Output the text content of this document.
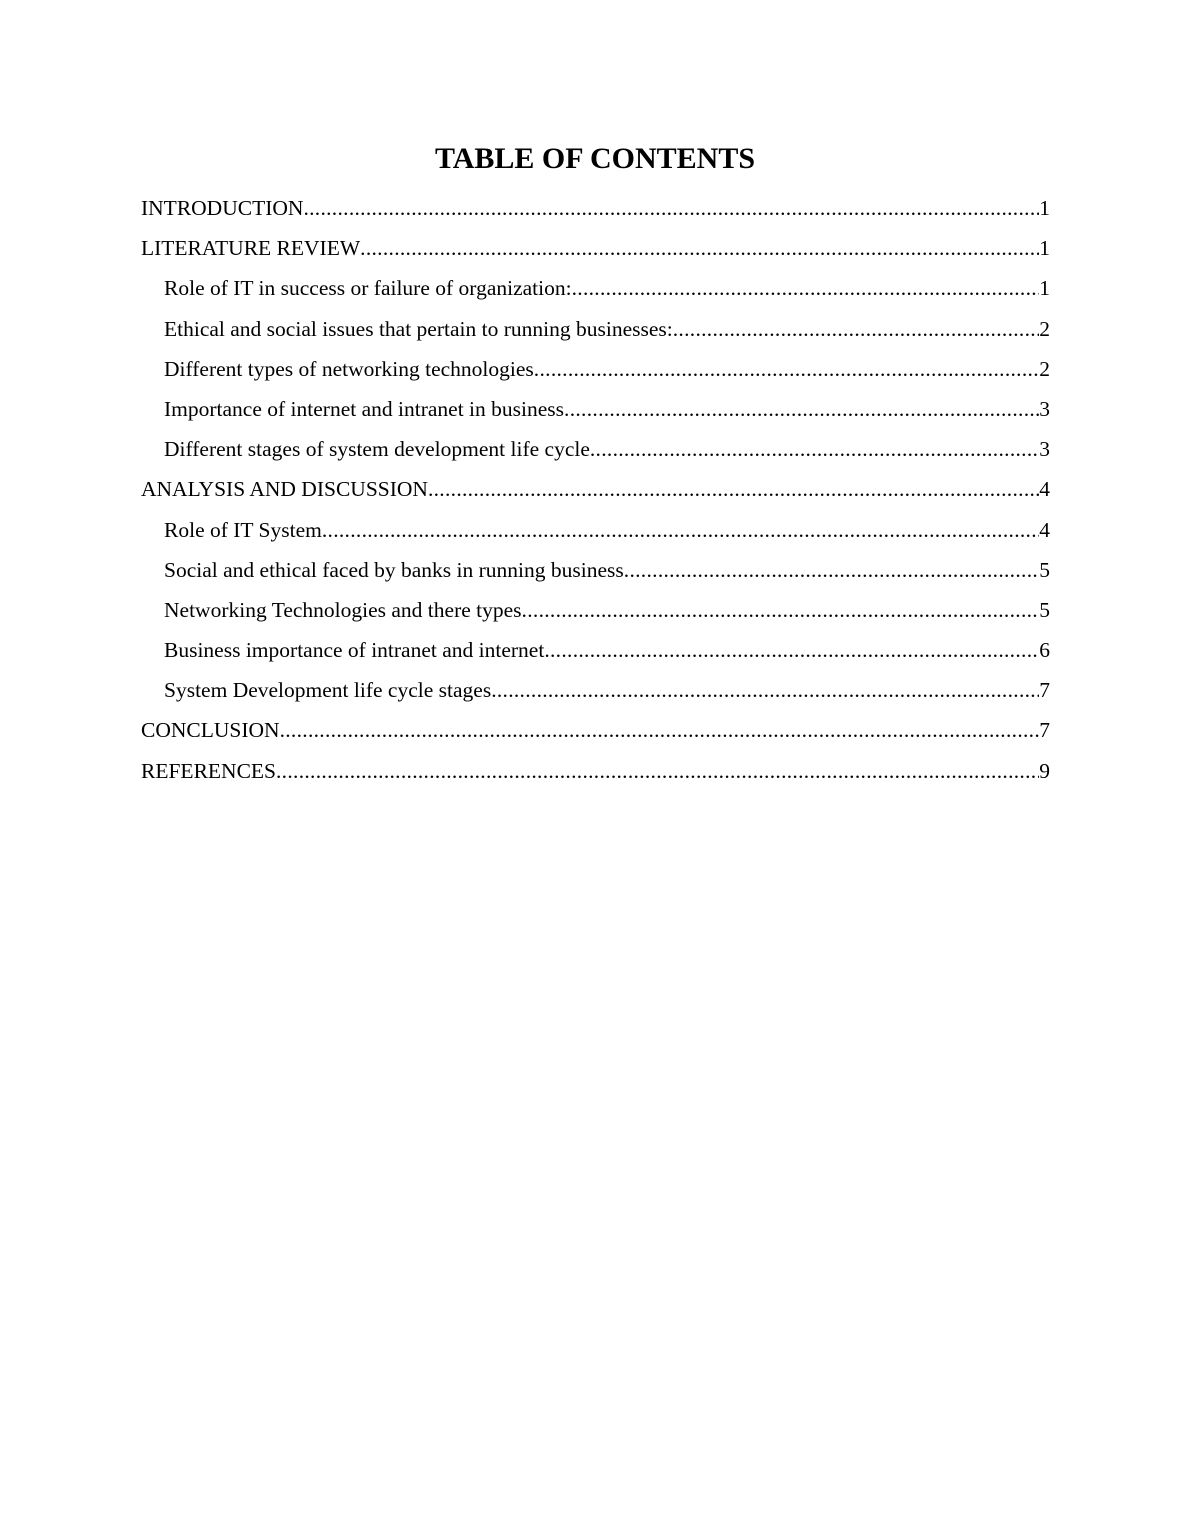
TABLE OF CONTENTS
INTRODUCTION .....	1
LITERATURE REVIEW .....	1
Role of IT in success or failure of organization: .....	1
Ethical and social issues that pertain to running businesses: .....	2
Different types of networking technologies .....	2
Importance of internet and intranet in business .....	3
Different stages of system development life cycle .....	3
ANALYSIS AND DISCUSSION .....	4
Role of IT System .....	4
Social and ethical faced by banks in running business .....	5
Networking Technologies and there types .....	5
Business importance of intranet and internet .....	6
System Development life cycle stages .....	7
CONCLUSION .....	7
REFERENCES .....	9
